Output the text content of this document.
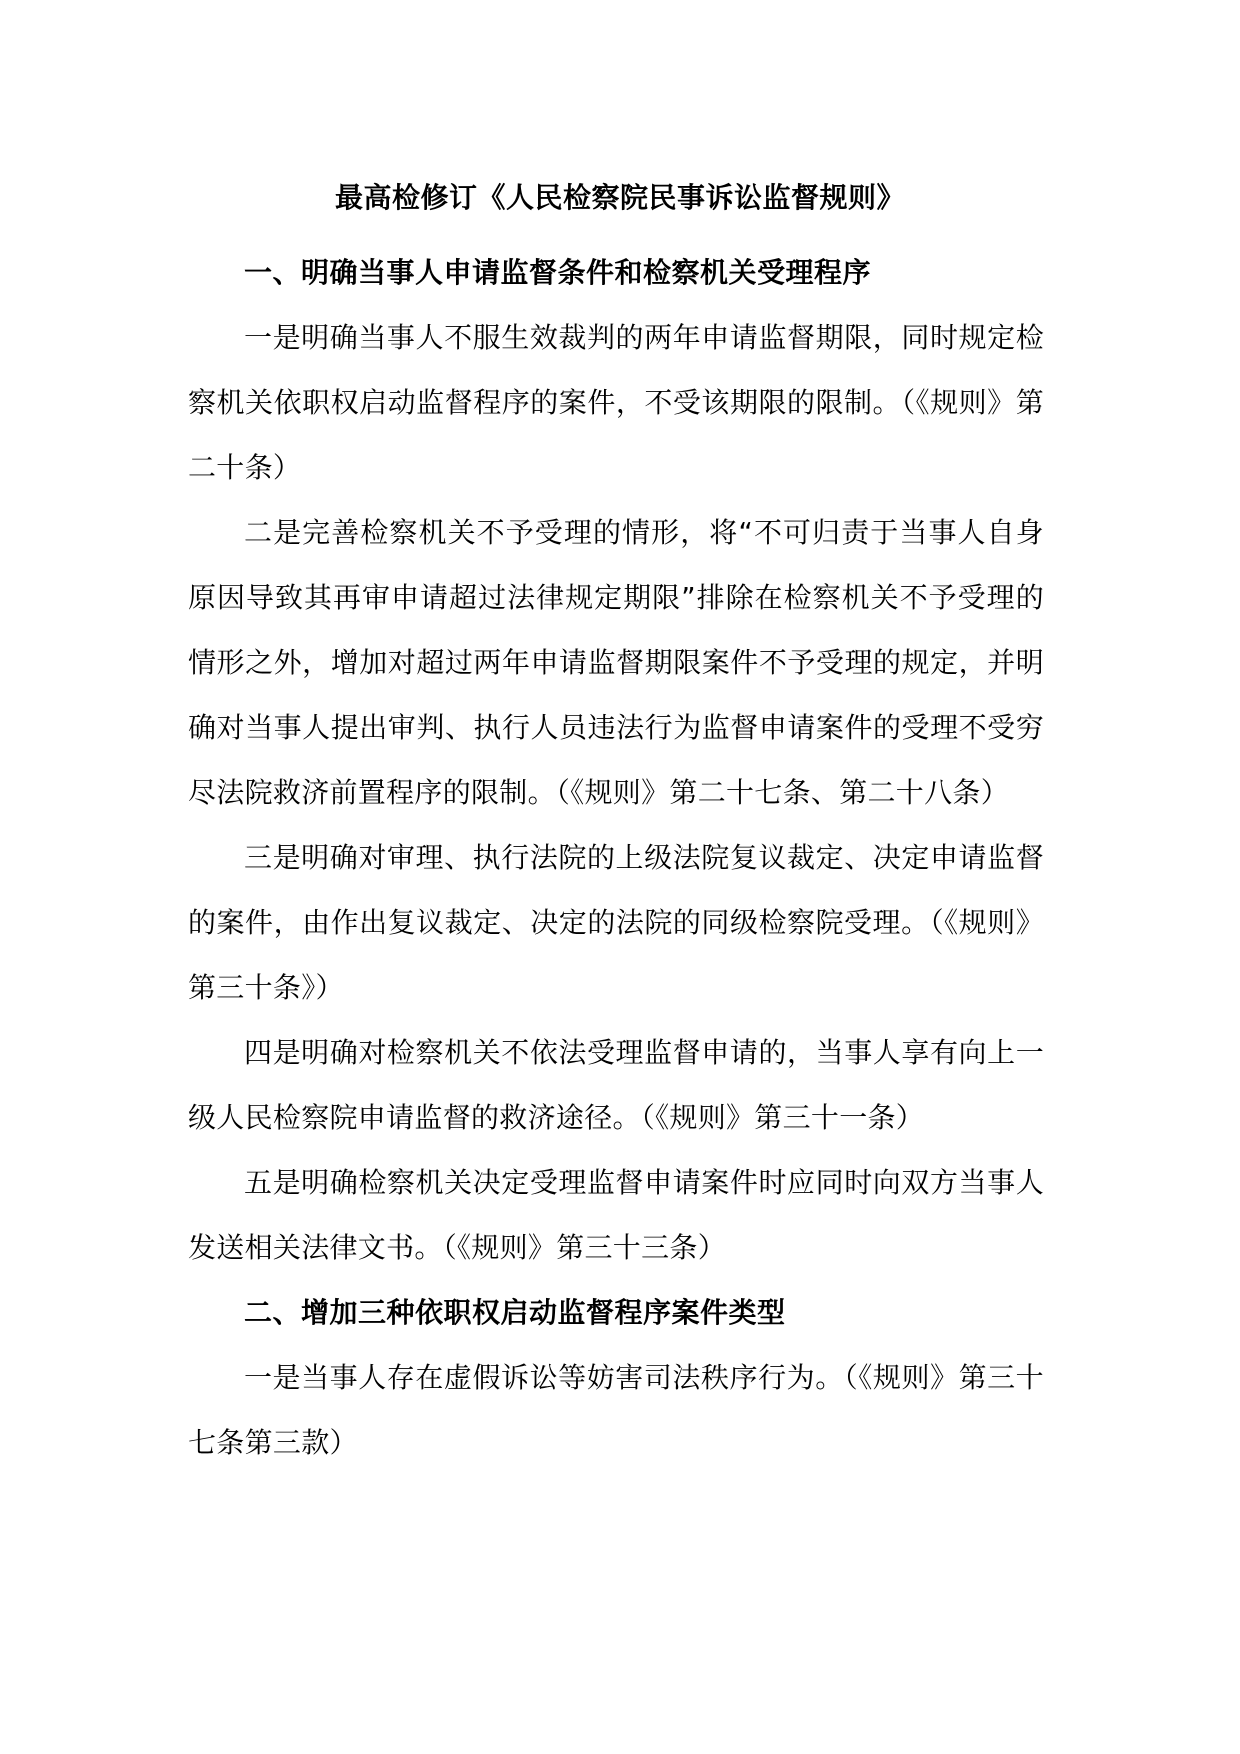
最高检修订《人民检察院民事诉讼监督规则》
一、明确当事人申请监督条件和检察机关受理程序

一是明确当事人不服生效裁判的两年申请监督期限，同时规定检察机关依职权启动监督程序的案件，不受该期限的限制。（《规则》第二十条）

二是完善检察机关不予受理的情形，将“不可归责于当事人自身原因导致其再审申请超过法律规定期限”排除在检察机关不予受理的情形之外，增加对超过两年申请监督期限案件不予受理的规定，并明确对当事人提出审判、执行人员违法行为监督申请案件的受理不受穷尽法院救济前置程序的限制。（《规则》第二十七条、第二十八条）

三是明确对审理、执行法院的上级法院复议裁定、决定申请监督的案件，由作出复议裁定、决定的法院的同级检察院受理。（《规则》第三十条》）

四是明确对检察机关不依法受理监督申请的，当事人享有向上一级人民检察院申请监督的救济途径。（《规则》第三十一条）

五是明确检察机关决定受理监督申请案件时应同时向双方当事人发送相关法律文书。（《规则》第三十三条）

二、增加三种依职权启动监督程序案件类型

一是当事人存在虚假诉讼等妨害司法秩序行为。（《规则》第三十七条第三款）
